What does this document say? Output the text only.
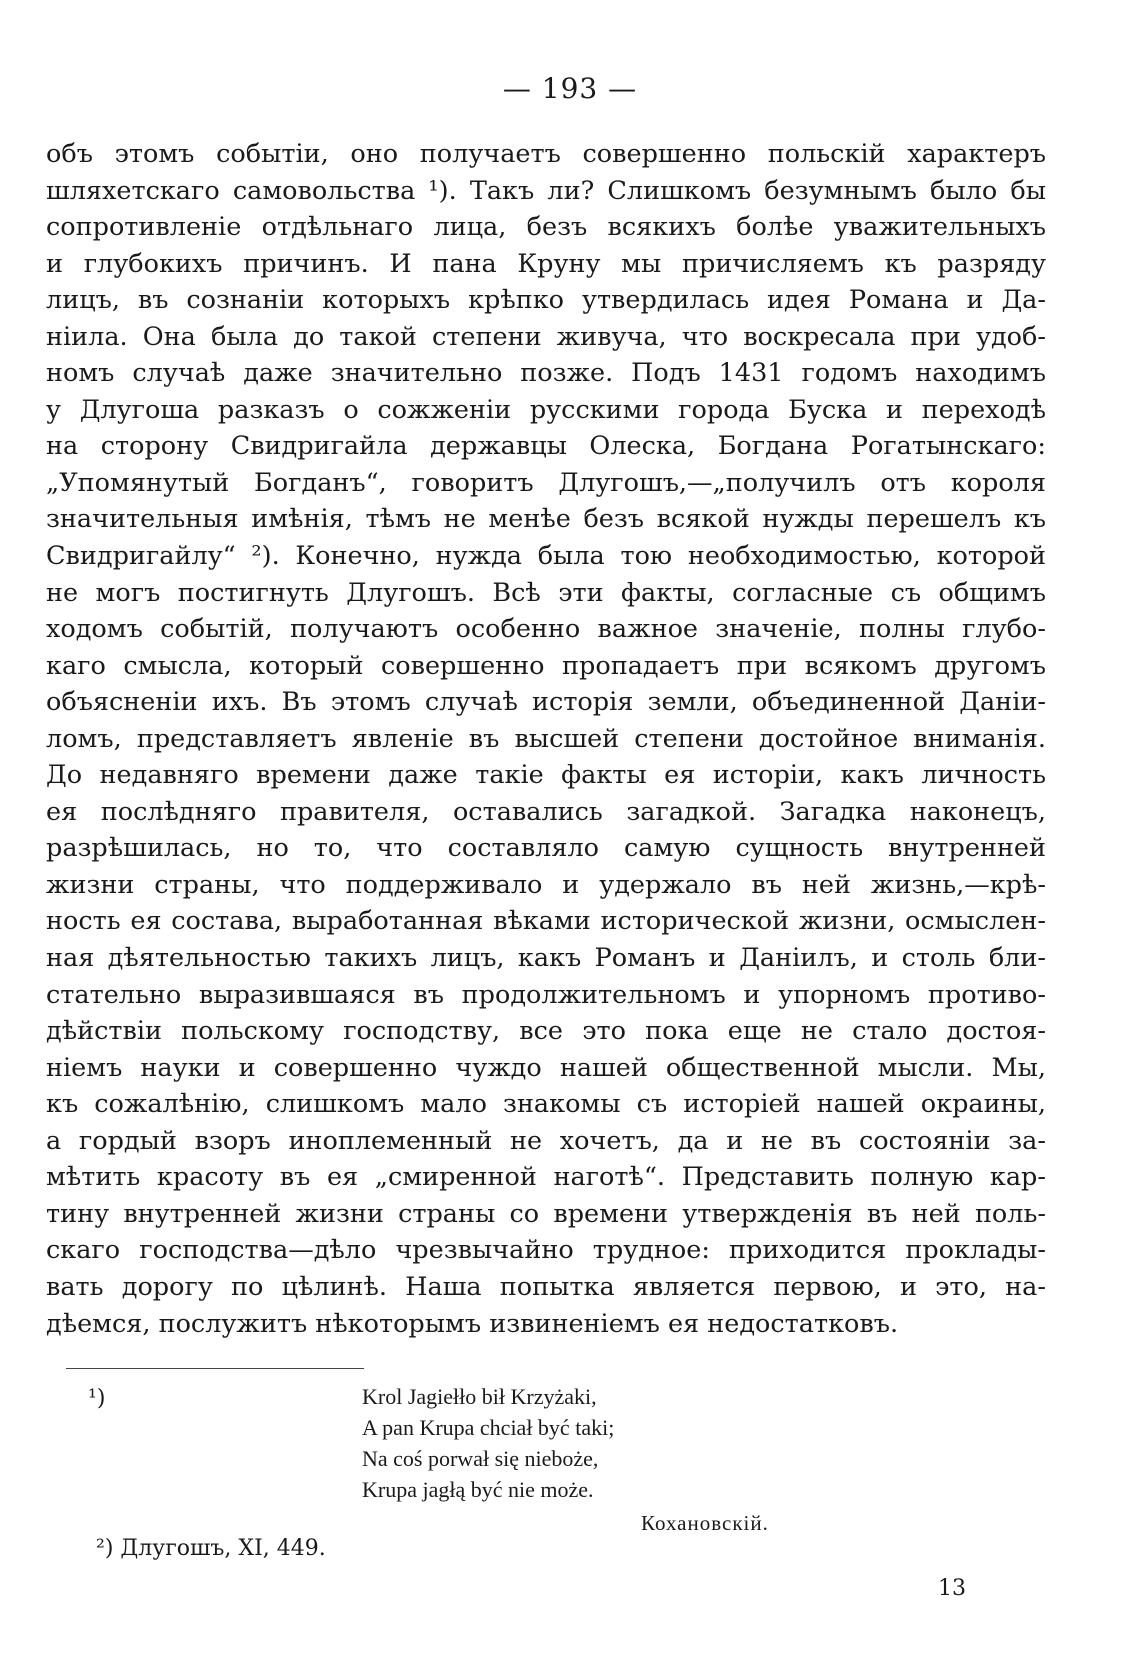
— 193 —
объ этомъ событіи, оно получаетъ совершенно польскій характеръ
шляхетскаго самовольства ¹). Такъ ли? Слишкомъ безумнымъ было бы
сопротивленіе отдѣльнаго лица, безъ всякихъ болѣе уважительныхъ
и глубокихъ причинъ. И пана Круну мы причисляемъ къ разряду
лицъ, въ сознаніи которыхъ крѣпко утвердилась идея Романа и Да-
ніила. Она была до такой степени живуча, что воскресала при удоб-
номъ случаѣ даже значительно позже. Подъ 1431 годомъ находимъ
у Длугоша разказъ о сожженіи русскими города Буска и переходѣ
на сторону Свидригайла державцы Олеска, Богдана Рогатынскаго:
„Упомянутый Богданъ“, говоритъ Длугошъ,—„получилъ отъ короля
значительныя имѣнія, тѣмъ не менѣе безъ всякой нужды перешелъ къ
Свидригайлу“ ²). Конечно, нужда была тою необходимостью, которой
не могъ постигнуть Длугошъ. Всѣ эти факты, согласные съ общимъ
ходомъ событій, получаютъ особенно важное значеніе, полны глубо-
каго смысла, который совершенно пропадаетъ при всякомъ другомъ
объясненіи ихъ. Въ этомъ случаѣ исторія земли, объединенной Даніи-
ломъ, представляетъ явленіе въ высшей степени достойное вниманія.
До недавняго времени даже такіе факты ея исторіи, какъ личность
ея послѣдняго правителя, оставались загадкой. Загадка наконецъ,
разрѣшилась, но то, что составляло самую сущность внутренней
жизни страны, что поддерживало и удержало въ ней жизнь,—крѣ-
ность ея состава, выработанная вѣками исторической жизни, осмыслен-
ная дѣятельностью такихъ лицъ, какъ Романъ и Даніилъ, и столь бли-
стательно выразившаяся въ продолжительномъ и упорномъ противо-
дѣйствіи польскому господству, все это пока еще не стало достоя-
ніемъ науки и совершенно чуждо нашей общественной мысли. Мы,
къ сожалѣнію, слишкомъ мало знакомы съ исторіей нашей окраины,
а гордый взоръ иноплеменный не хочетъ, да и не въ состояніи за-
мѣтить красоту въ ея „смиренной наготѣ“. Представить полную кар-
тину внутренней жизни страны со времени утвержденія въ ней поль-
скаго господства—дѣло чрезвычайно трудное: приходится проклады-
вать дорогу по цѣлинѣ. Наша попытка является первою, и это, на-
дѣемся, послужитъ нѣкоторымъ извиненіемъ ея недостатковъ.
¹)	Krol Jagiełło bił Krzyżaki,
A pan Krupa chciał być taki;
Na coś porwał się nieboże,
Krupa jagłą być nie może.
Кохановскій.
²) Длугошъ, XI, 449.
13
